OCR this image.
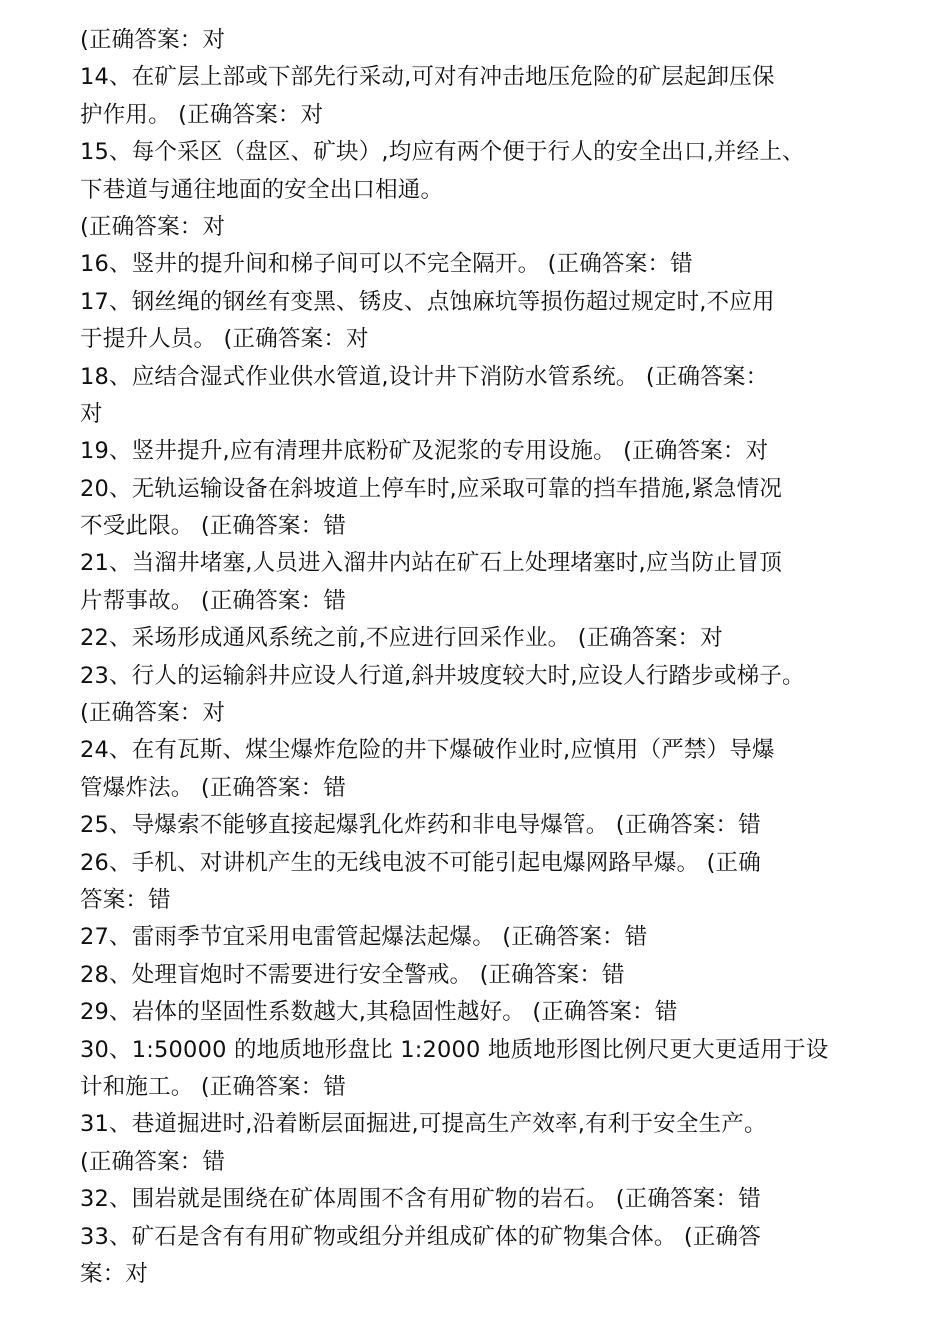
(正确答案：对
14、在矿层上部或下部先行采动,可对有冲击地压危险的矿层起卸压保
护作用。 (正确答案：对
15、每个采区（盘区、矿块）,均应有两个便于行人的安全出口,并经上、
下巷道与通往地面的安全出口相通。
(正确答案：对
16、竖井的提升间和梯子间可以不完全隔开。 (正确答案：错
17、钢丝绳的钢丝有变黑、锈皮、点蚀麻坑等损伤超过规定时,不应用
于提升人员。 (正确答案：对
18、应结合湿式作业供水管道,设计井下消防水管系统。 (正确答案：
对
19、竖井提升,应有清理井底粉矿及泥浆的专用设施。 (正确答案：对
20、无轨运输设备在斜坡道上停车时,应采取可靠的挡车措施,紧急情况
不受此限。 (正确答案：错
21、当溜井堵塞,人员进入溜井内站在矿石上处理堵塞时,应当防止冒顶
片帮事故。 (正确答案：错
22、采场形成通风系统之前,不应进行回采作业。 (正确答案：对
23、行人的运输斜井应设人行道,斜井坡度较大时,应设人行踏步或梯子。
(正确答案：对
24、在有瓦斯、煤尘爆炸危险的井下爆破作业时,应慎用（严禁）导爆
管爆炸法。 (正确答案：错
25、导爆索不能够直接起爆乳化炸药和非电导爆管。 (正确答案：错
26、手机、对讲机产生的无线电波不可能引起电爆网路早爆。 (正确
答案：错
27、雷雨季节宜采用电雷管起爆法起爆。 (正确答案：错
28、处理盲炮时不需要进行安全警戒。 (正确答案：错
29、岩体的坚固性系数越大,其稳固性越好。 (正确答案：错
30、1:50000 的地质地形盘比 1:2000 地质地形图比例尺更大更适用于设
计和施工。 (正确答案：错
31、巷道掘进时,沿着断层面掘进,可提高生产效率,有利于安全生产。
(正确答案：错
32、围岩就是围绕在矿体周围不含有用矿物的岩石。 (正确答案：错
33、矿石是含有有用矿物或组分并组成矿体的矿物集合体。 (正确答
案：对
